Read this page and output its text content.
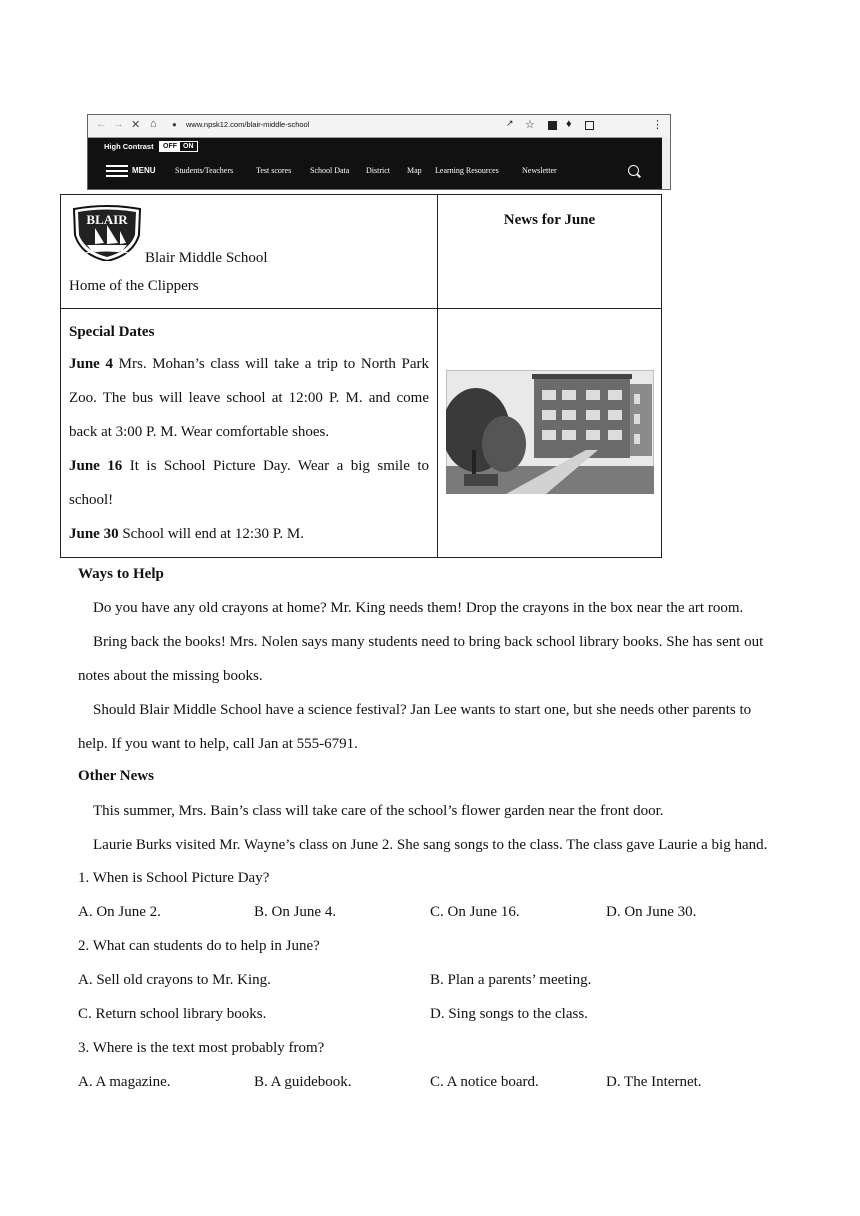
← → ✕ ⌂ ● www.npsk12.com/blair-middle-school	↗ ☆	♦	⋮
High Contrast	OFF ON
MENU Students/Teachers	Test scores School Data District Map Learning Resources	Newsletter
BLAIR
Blair Middle School
Home of the Clippers	News for June

Special Dates
June 4 Mrs. Mohan’s class will take a trip to North Park Zoo. The bus will leave school at 12:00 P. M. and come back at 3:00 P. M. Wear comfortable shoes.
June 16 It is School Picture Day. Wear a big smile to school!
June 30 School will end at 12:30 P. M.

Ways to Help
Do you have any old crayons at home? Mr. King needs them! Drop the crayons in the box near the art room.
Bring back the books! Mrs. Nolen says many students need to bring back school library books. She has sent out notes about the missing books.
Should Blair Middle School have a science festival? Jan Lee wants to start one, but she needs other parents to help. If you want to help, call Jan at 555-6791.
Other News
This summer, Mrs. Bain’s class will take care of the school’s flower garden near the front door.
Laurie Burks visited Mr. Wayne’s class on June 2. She sang songs to the class. The class gave Laurie a big hand.
1. When is School Picture Day?
A. On June 2.	B. On June 4.	C. On June 16.	D. On June 30.
2. What can students do to help in June?
A. Sell old crayons to Mr. King.	B. Plan a parents’ meeting.
C. Return school library books.	D. Sing songs to the class.
3. Where is the text most probably from?
A. A magazine.	B. A guidebook.	C. A notice board.	D. The Internet.
